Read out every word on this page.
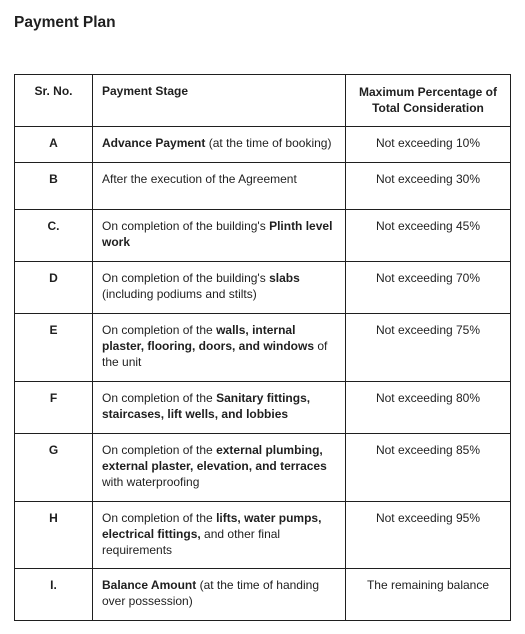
Payment Plan
Sr. No.	Payment Stage	Maximum Percentage of Total Consideration
A	Advance Payment (at the time of booking)	Not exceeding 10%
B	After the execution of the Agreement	Not exceeding 30%
C.	On completion of the building's Plinth level work	Not exceeding 45%
D	On completion of the building's slabs (including podiums and stilts)	Not exceeding 70%
E	On completion of the walls, internal plaster, flooring, doors, and windows of the unit	Not exceeding 75%
F	On completion of the Sanitary fittings, staircases, lift wells, and lobbies	Not exceeding 80%
G	On completion of the external plumbing, external plaster, elevation, and terraces with waterproofing	Not exceeding 85%
H	On completion of the lifts, water pumps, electrical fittings, and other final requirements	Not exceeding 95%
I.	Balance Amount (at the time of handing over possession)	The remaining balance
